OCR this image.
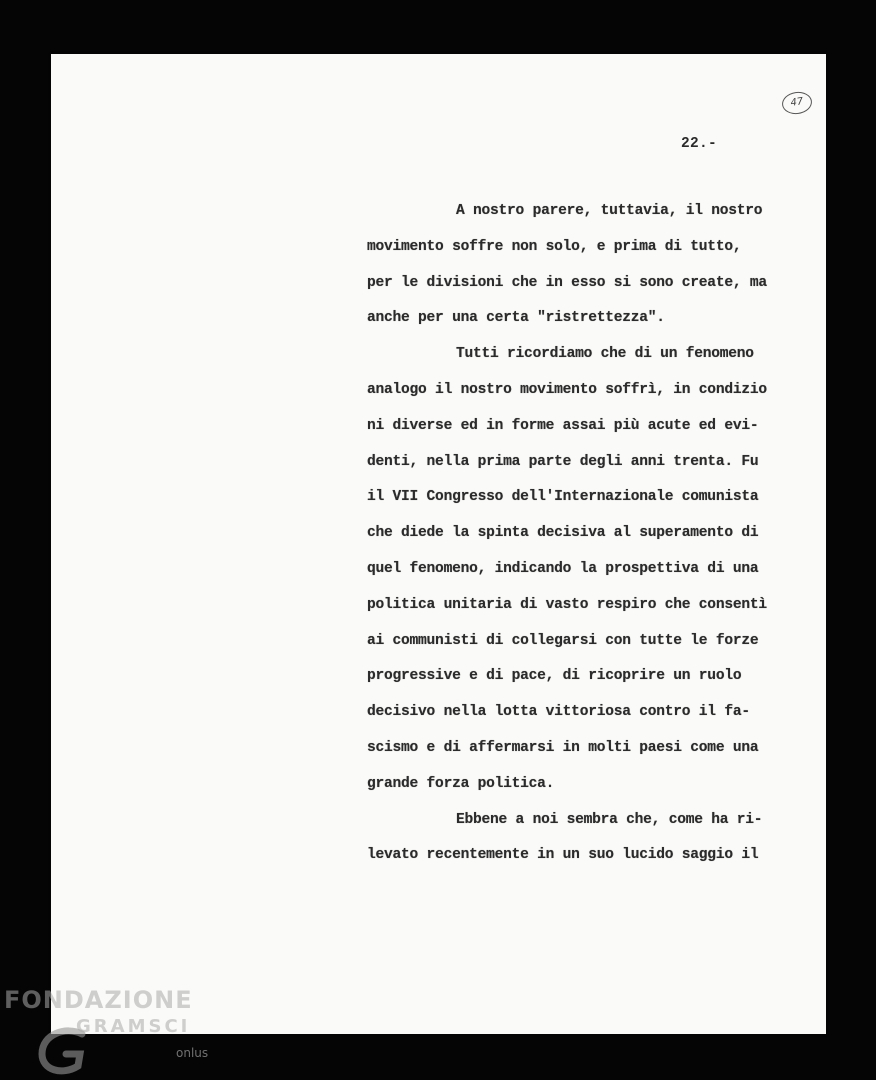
47
22.-
A nostro parere, tuttavia, il nostro
movimento soffre non solo, e prima di tutto,
per le divisioni che in esso si sono create, ma
anche per una certa "ristrettezza".
Tutti ricordiamo che di un fenomeno
analogo il nostro movimento soffrì, in condizio
ni diverse ed in forme assai più acute ed evi-
denti, nella prima parte degli anni trenta. Fu
il VII Congresso dell'Internazionale comunista
che diede la spinta decisiva al superamento di
quel fenomeno, indicando la prospettiva di una
politica unitaria di vasto respiro che consentì
ai communisti di collegarsi con tutte le forze
progressive e di pace, di ricoprire un ruolo
decisivo nella lotta vittoriosa contro il fa-
scismo e di affermarsi in molti paesi come una
grande forza politica.
Ebbene a noi sembra che, come ha ri-
levato recentemente in un suo lucido saggio il
FONDAZIONE
GRAMSCI
onlus
